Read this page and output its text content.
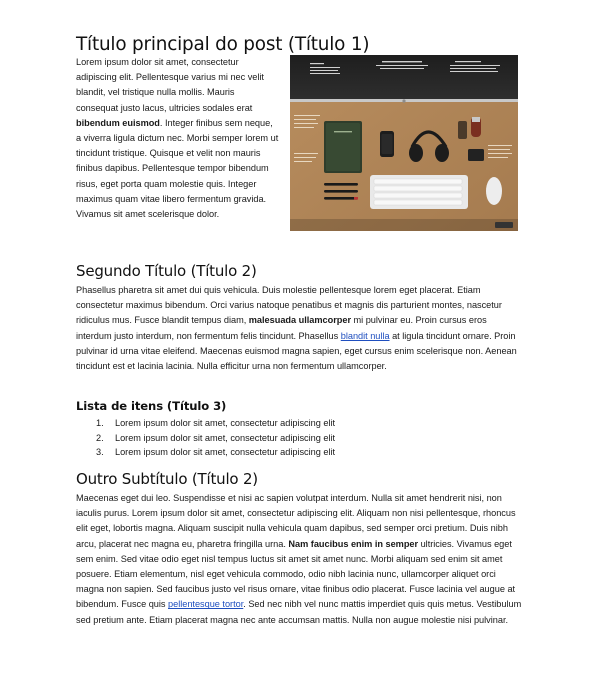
Título principal do post (Título 1)

Lorem ipsum dolor sit amet, consectetur adipiscing elit. Pellentesque varius mi nec velit blandit, vel tristique nulla mollis. Mauris consequat justo lacus, ultricies sodales erat bibendum euismod. Integer finibus sem neque, a viverra ligula dictum nec. Morbi semper lorem ut tincidunt tristique. Quisque et velit non mauris finibus dapibus. Pellentesque tempor bibendum risus, eget porta quam molestie quis. Integer maximus quam vitae libero fermentum gravida. Vivamus sit amet scelerisque dolor.

Segundo Título (Título 2)

Phasellus pharetra sit amet dui quis vehicula. Duis molestie pellentesque lorem eget placerat. Etiam consectetur maximus bibendum. Orci varius natoque penatibus et magnis dis parturient montes, nascetur ridiculus mus. Fusce blandit tempus diam, malesuada ullamcorper mi pulvinar eu. Proin cursus eros interdum justo interdum, non fermentum felis tincidunt. Phasellus blandit nulla at ligula tincidunt ornare. Proin pulvinar id urna vitae eleifend. Maecenas euismod magna sapien, eget cursus enim scelerisque non. Aenean tincidunt est et lacinia lacinia. Nulla efficitur urna non fermentum ullamcorper.

Lista de itens (Título 3)
1. Lorem ipsum dolor sit amet, consectetur adipiscing elit
2. Lorem ipsum dolor sit amet, consectetur adipiscing elit
3. Lorem ipsum dolor sit amet, consectetur adipiscing elit
Outro Subtítulo (Título 2)

Maecenas eget dui leo. Suspendisse et nisi ac sapien volutpat interdum. Nulla sit amet hendrerit nisi, non iaculis purus. Lorem ipsum dolor sit amet, consectetur adipiscing elit. Aliquam non nisi pellentesque, rhoncus elit eget, lobortis magna. Aliquam suscipit nulla vehicula quam dapibus, sed semper orci pretium. Duis nibh arcu, placerat nec magna eu, pharetra fringilla urna. Nam faucibus enim in semper ultricies. Vivamus eget sem enim. Sed vitae odio eget nisl tempus luctus sit amet sit amet nunc. Morbi aliquam sed enim sit amet posuere. Etiam elementum, nisl eget vehicula commodo, odio nibh lacinia nunc, ullamcorper aliquet orci magna non sapien. Sed faucibus justo vel risus ornare, vitae finibus odio placerat. Fusce lacinia vel augue at bibendum. Fusce quis pellentesque tortor. Sed nec nibh vel nunc mattis imperdiet quis quis metus. Vestibulum sed pretium ante. Etiam placerat magna nec ante accumsan mattis. Nulla non augue molestie nisi pulvinar.
